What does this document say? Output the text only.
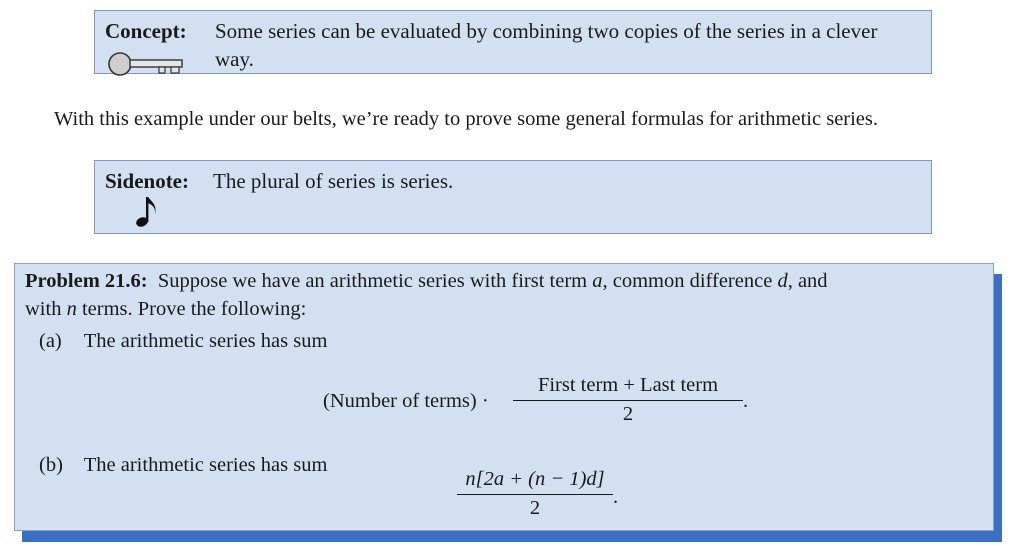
Concept: Some series can be evaluated by combining two copies of the series in a clever way.
With this example under our belts, we’re ready to prove some general formulas for arithmetic series.
Sidenote: The plural of series is series.
Problem 21.6: Suppose we have an arithmetic series with first term a, common difference d, and
with n terms. Prove the following:
(a) The arithmetic series has sum
(Number of terms) ·
First term + Last term
2
.
(b) The arithmetic series has sum
n[2a + (n − 1)d]
2	.
